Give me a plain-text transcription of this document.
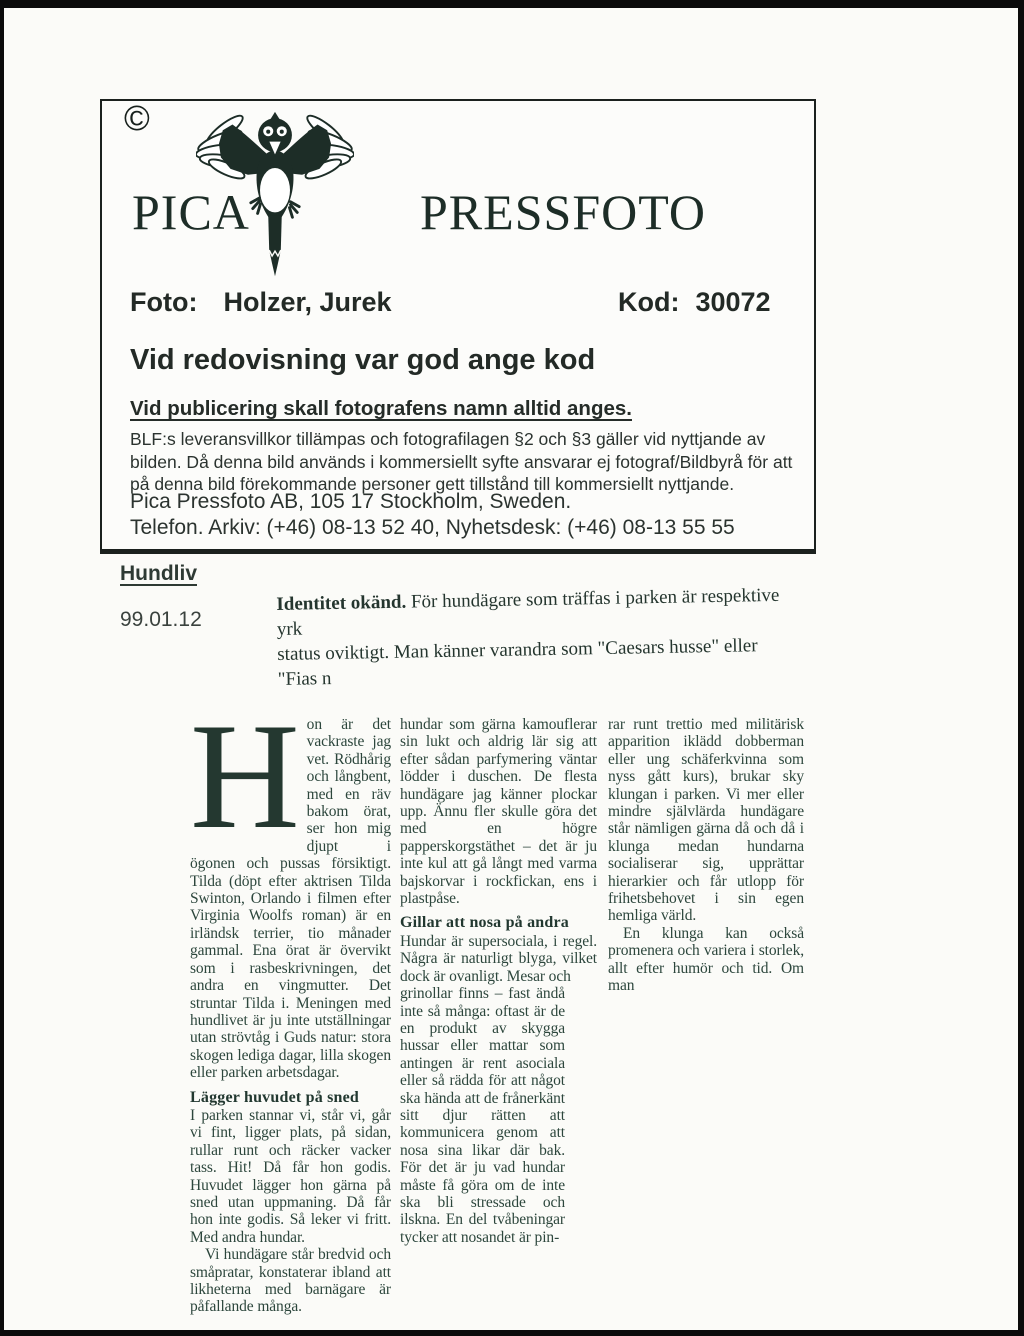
©
PICA	PRESSFOTO
Foto: Holzer, Jurek	Kod: 30072
Vid redovisning var god ange kod
Vid publicering skall fotografens namn alltid anges.
BLF:s leveransvillkor tillämpas och fotografilagen §2 och §3 gäller vid nyttjande av bilden. Då denna bild används i kommersiellt syfte ansvarar ej fotograf/Bildbyrå för att på denna bild förekommande personer gett tillstånd till kommersiellt nyttjande.
Pica Pressfoto AB, 105 17 Stockholm, Sweden.
Telefon. Arkiv: (+46) 08-13 52 40, Nyhetsdesk: (+46) 08-13 55 55
Hundliv
99.01.12
Identitet okänd. För hundägare som träffas i parken är respektive yrk
status oviktigt. Man känner varandra som "Caesars husse" eller "Fias n

Hon är det vackraste jag vet. Rödhårig och långbent, med en räv bakom örat, ser hon mig djupt i ögonen och pussas försiktigt. Tilda (döpt efter aktrisen Tilda Swinton, Orlando i filmen efter Virginia Woolfs roman) är en irländsk terrier, tio månader gammal. Ena örat är övervikt som i rasbeskrivningen, det andra en vingmutter. Det struntar Tilda i. Meningen med hundlivet är ju inte utställningar utan strövtåg i Guds natur: stora skogen lediga dagar, lilla skogen eller parken arbetsdagar.

Lägger huvudet på sned

I parken stannar vi, står vi, går vi fint, ligger plats, på sidan, rullar runt och räcker vacker tass. Hit! Då får hon godis. Huvudet lägger hon gärna på sned utan uppmaning. Då får hon inte godis. Så leker vi fritt. Med andra hundar.

Vi hundägare står bredvid och småpratar, konstaterar ibland att likheterna med barnägare är påfallande många.

hundar som gärna kamouflerar sin lukt och aldrig lär sig att efter sådan parfymering väntar lödder i duschen. De flesta hundägare jag känner plockar upp. Ännu fler skulle göra det med en högre papperskorgstäthet – det är ju inte kul att gå långt med varma bajskorvar i rockfickan, ens i plastpåse.

Gillar att nosa på andra

Hundar är supersociala, i regel. Några är naturligt blyga, vilket dock är ovanligt. Mesar och

grinollar finns – fast ändå inte så många: oftast är de en produkt av skygga hussar eller mattar som antingen är rent asociala eller så rädda för att något ska hända att de frånerkänt sitt djur rätten att kommunicera genom att nosa sina likar där bak. För det är ju vad hundar måste få göra om de inte ska bli stressade och ilskna. En del tvåbeningar tycker att nosandet är pin-

rar runt trettio med militärisk apparition iklädd dobberman eller ung schäferkvinna som nyss gått kurs), brukar sky klungan i parken. Vi mer eller mindre självlärda hundägare står nämligen gärna då och då i klunga medan hundarna socialiserar sig, upprättar hierarkier och får utlopp för frihetsbehovet i sin egen hemliga värld.

En klunga kan också promenera och variera i storlek, allt efter humör och tid. Om man
